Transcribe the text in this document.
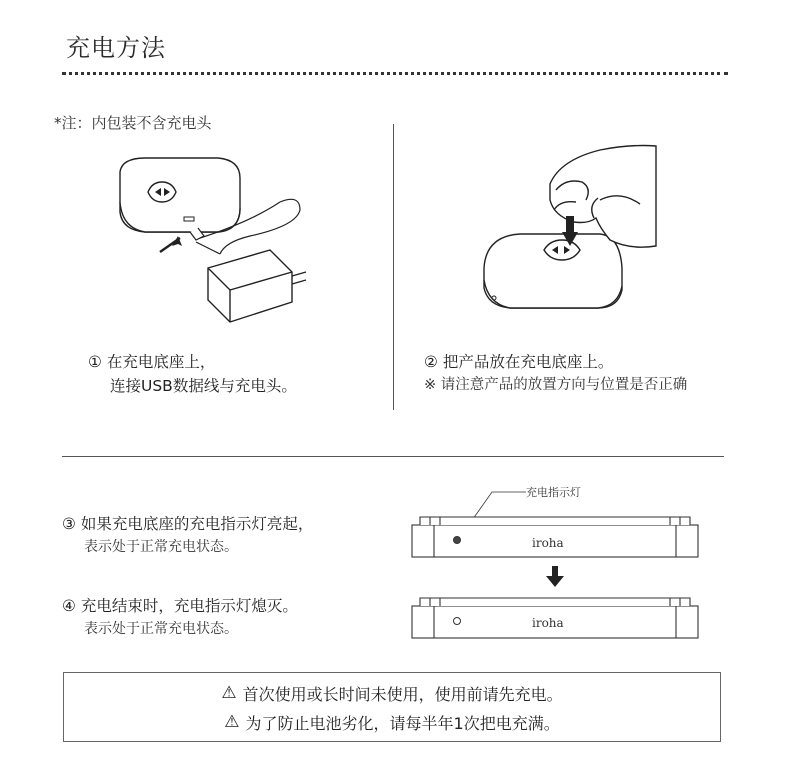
充电方法
*注：内包装不含充电头
① 在充电底座上，
连接USB数据线与充电头。
② 把产品放在充电底座上。
※ 请注意产品的放置方向与位置是否正确
③ 如果充电底座的充电指示灯亮起，
表示处于正常充电状态。
④ 充电结束时，充电指示灯熄灭。
表示处于正常充电状态。
充电指示灯
iroha
iroha
⚠ 首次使用或长时间未使用，使用前请先充电。
⚠ 为了防止电池劣化，请每半年1次把电充满。
